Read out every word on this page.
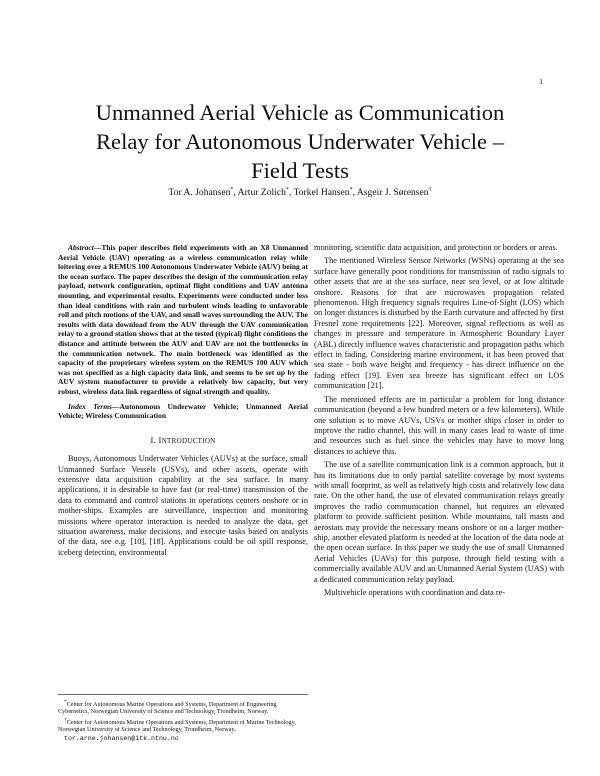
1
Unmanned Aerial Vehicle as Communication
Relay for Autonomous Underwater Vehicle –
Field Tests
Tor A. Johansen*, Artur Zolich*, Torkel Hansen*, Asgeir J. Sørensen†

Abstract—This paper describes field experiments with an X8 Unmanned Aerial Vehicle (UAV) operating as a wireless communication relay while loitering over a REMUS 100 Autonomous Underwater Vehicle (AUV) being at the ocean surface. The paper describes the design of the communication relay payload, network configuration, optimal flight conditions and UAV antenna mounting, and experimental results. Experiments were conducted under less than ideal conditions with rain and turbulent winds leading to unfavorable roll and pitch motions of the UAV, and small waves surrounding the AUV. The results with data download from the AUV through the UAV communication relay to a ground station shows that at the tested (typical) flight conditions the distance and attitude between the AUV and UAV are not the bottlenecks in the communication network. The main bottleneck was identified as the capacity of the proprietary wireless system on the REMUS 100 AUV which was not specified as a high capacity data link, and seems to be set up by the AUV system manufacturer to provide a relatively low capacity, but very robust, wireless data link regardless of signal strength and quality.

Index Terms—Autonomous Underwater Vehicle; Unmanned Aerial Vehicle; Wireless Communication

I. INTRODUCTION

Buoys, Autonomous Underwater Vehicles (AUVs) at the surface, small Unmanned Surface Vessels (USVs), and other assets, operate with extensive data acquisition capability at the sea surface. In many applications, it is desirable to have fast (or real-time) transmission of the data to command and control stations in operations centers onshore or in mother-ships. Examples are surveillance, inspection and monitoring missions where operator interaction is needed to analyze the data, get situation awareness, make decisions, and execute tasks based on analysis of the data, see e.g. [10], [18]. Applications could be oil spill response, iceberg detection, environmental

monitoring, scientific data acquisition, and protection or borders or areas.

The mentioned Wireless Sensor Networks (WSNs) operating at the sea surface have generally poor conditions for transmission of radio signals to other assets that are at the sea surface, near sea level, or at low altitude onshore. Reasons for that are microwaves propagation related phenomenon. High frequency signals requires Line-of-Sight (LOS) which on longer distances is disturbed by the Earth curvature and affected by first Fresnel zone requirements [22]. Moreover, signal reflections as well as changes in pressure and temperature in Atmospheric Boundary Layer (ABL) directly influence waves characteristic and propagation paths which effect in fading. Considering marine environment, it has been proved that sea state - both wave height and frequency - has direct influence on the fading effect [19]. Even sea breeze has significant effect on LOS communication [21].

The mentioned effects are in particular a problem for long distance communication (beyond a few hundred meters or a few kilometers). While one solution is to move AUVs, USVs or mother ships closer in order to improve the radio channel, this will in many cases lead to waste of time and resources such as fuel since the vehicles may have to move long distances to achieve this.

The use of a satellite communication link is a common approach, but it has its limitations due to only partial satellite coverage by most systems with small footprint, as well as relatively high costs and relatively low data rate. On the other hand, the use of elevated communication relays greatly improves the radio communication channel, but requires an elevated platform to provide sufficient position. While mountains, tall masts and aerostats may provide the necessary means onshore or on a larger mother-ship, another elevated platform is needed at the location of the data node at the open ocean surface. In this paper we study the use of small Unmanned Aerial Vehicles (UAVs) for this purpose, through field testing with a commercially available AUV and an Unmanned Aerial System (UAS) with a dedicated communication relay payload.

Multivehicle operations with coordination and data re-

*Center for Autonomous Marine Operations and Systems, Department of Engineering Cybernetics, Norwegian University of Science and Technology, Trondheim, Norway.

†Center for Autonomous Marine Operations and Systems, Department of Marine Technology, Norwegian University of Science and Technology, Trondheim, Norway.

tor.arne.johansen@itk.ntnu.no
